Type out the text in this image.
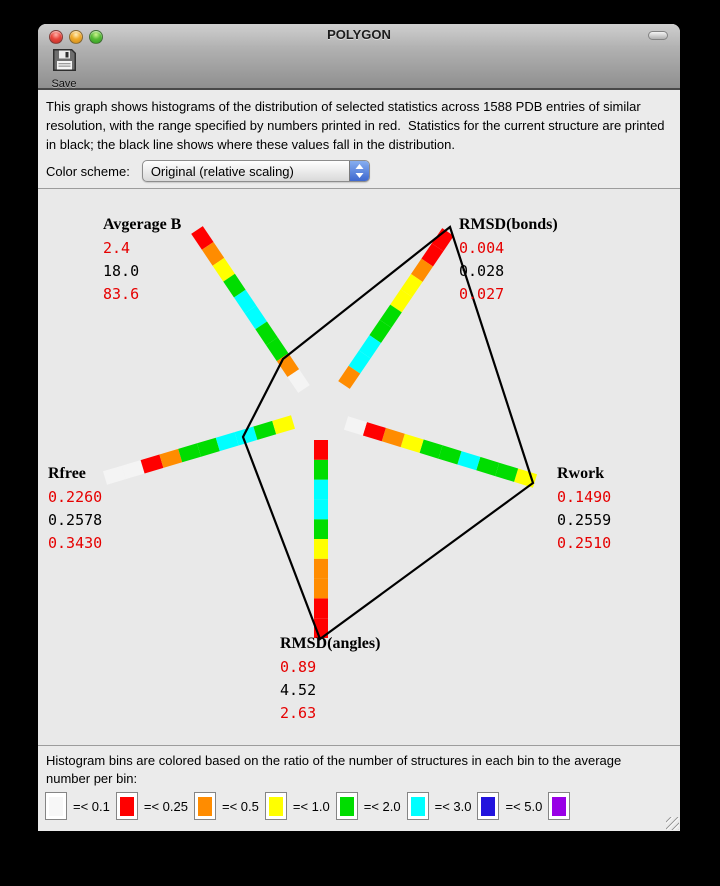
POLYGON
Save
This graph shows histograms of the distribution of selected statistics across 1588 PDB entries of similar resolution, with the range specified by numbers printed in red.  Statistics for the current structure are printed in black; the black line shows where these values fall in the distribution.
Color scheme:	Original (relative scaling)
Avgerage B
2.4
18.0
83.6
RMSD(bonds)
0.004
0.028
0.027
Rwork
0.1490
0.2559
0.2510
RMSD(angles)
0.89
4.52
2.63
Rfree
0.2260
0.2578
0.3430
Histogram bins are colored based on the ratio of the number of structures in each bin to the average number per bin:
=< 0.1	=< 0.25	=< 0.5	=< 1.0	=< 2.0	=< 3.0	=< 5.0
